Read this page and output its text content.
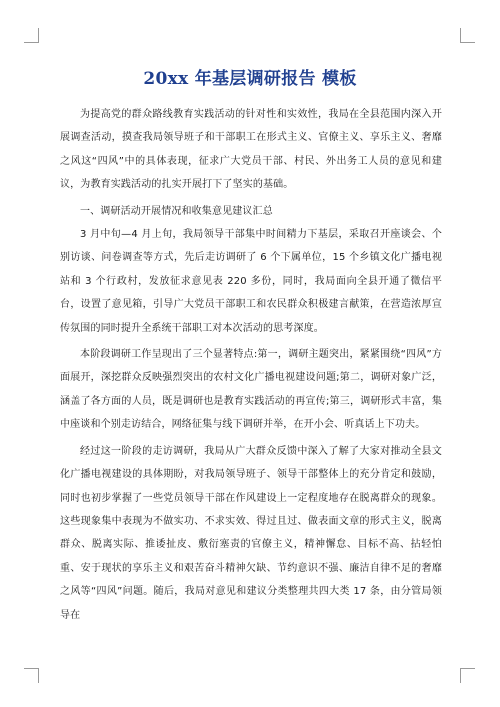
20xx 年基层调研报告 模板

为提高党的群众路线教育实践活动的针对性和实效性，我局在全县范围内深入开展调查活动，摸查我局领导班子和干部职工在形式主义、官僚主义、享乐主义、奢靡之风这“四风”中的具体表现，征求广大党员干部、村民、外出务工人员的意见和建议，为教育实践活动的扎实开展打下了坚实的基础。

一、调研活动开展情况和收集意见建议汇总

3 月中旬—4 月上旬，我局领导干部集中时间精力下基层，采取召开座谈会、个别访谈、问卷调查等方式，先后走访调研了 6 个下属单位，15 个乡镇文化广播电视站和 3 个行政村，发放征求意见表 220 多份，同时，我局面向全县开通了微信平台，设置了意见箱，引导广大党员干部职工和农民群众积极建言献策，在营造浓厚宣传氛围的同时提升全系统干部职工对本次活动的思考深度。

本阶段调研工作呈现出了三个显著特点:第一，调研主题突出，紧紧围绕“四风”方面展开，深挖群众反映强烈突出的农村文化广播电视建设问题;第二，调研对象广泛，涵盖了各方面的人员，既是调研也是教育实践活动的再宣传;第三，调研形式丰富，集中座谈和个别走访结合，网络征集与线下调研并举，在开小会、听真话上下功夫。

经过这一阶段的走访调研，我局从广大群众反馈中深入了解了大家对推动全县文化广播电视建设的具体期盼，对我局领导班子、领导干部整体上的充分肯定和鼓励，同时也初步掌握了一些党员领导干部在作风建设上一定程度地存在脱离群众的现象。这些现象集中表现为不做实功、不求实效、得过且过、做表面文章的形式主义，脱离群众、脱离实际、推诿扯皮、敷衍塞责的官僚主义，精神懈怠、目标不高、拈轻怕重、安于现状的享乐主义和艰苦奋斗精神欠缺、节约意识不强、廉洁自律不足的奢靡之风等“四风”问题。随后，我局对意见和建议分类整理共四大类 17 条，由分管局领导在
